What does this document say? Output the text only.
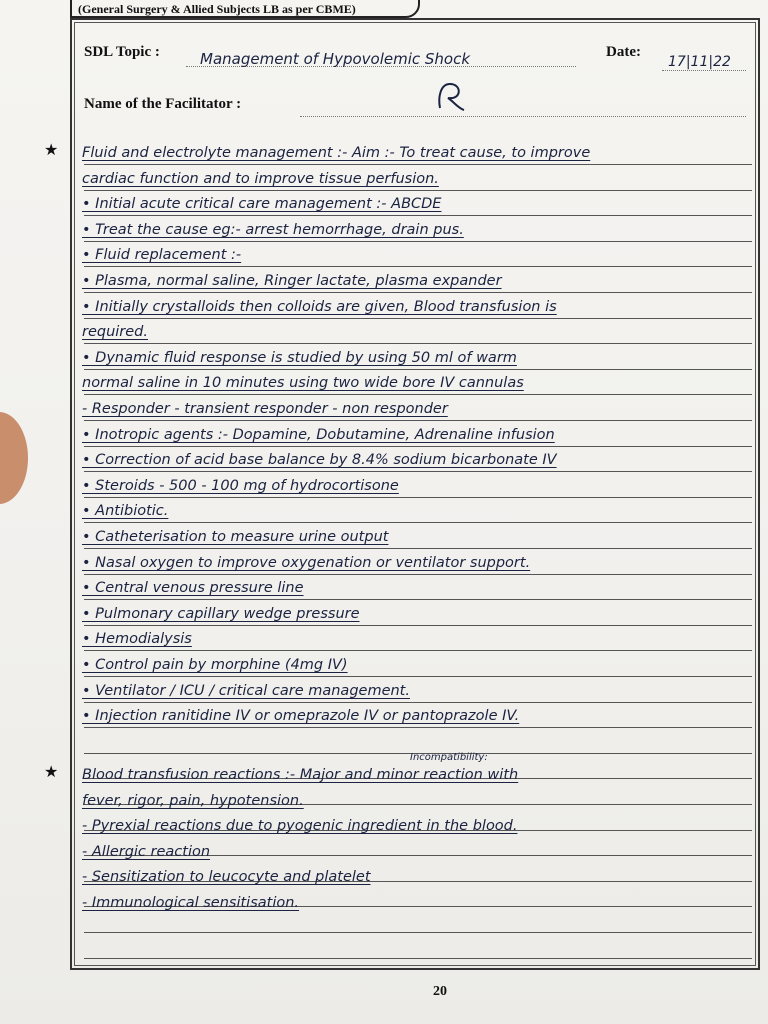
(General Surgery & Allied Subjects LB as per CBME)
SDL Topic :	Management of Hypovolemic Shock	Date:
17|11|22
Name of the Facilitator :
★ Fluid and electrolyte management :- Aim :- To treat cause, to improve
cardiac function and to improve tissue perfusion.
• Initial acute critical care management :- ABCDE
• Treat the cause eg:- arrest hemorrhage, drain pus.
• Fluid replacement :-
• Plasma, normal saline, Ringer lactate, plasma expander
• Initially crystalloids then colloids are given, Blood transfusion is
required.
• Dynamic fluid response is studied by using 50 ml of warm
normal saline in 10 minutes using two wide bore IV cannulas
- Responder - transient responder - non responder
• Inotropic agents :- Dopamine, Dobutamine, Adrenaline infusion
• Correction of acid base balance by 8.4% sodium bicarbonate IV
• Steroids - 500 - 100 mg of hydrocortisone
• Antibiotic.
• Catheterisation to measure urine output
• Nasal oxygen to improve oxygenation or ventilator support.
• Central venous pressure line
• Pulmonary capillary wedge pressure
• Hemodialysis
• Control pain by morphine (4mg IV)
• Ventilator / ICU / critical care management.
• Injection ranitidine IV or omeprazole IV or pantoprazole IV.
Incompatibility:
★ Blood transfusion reactions :- Major and minor reaction with
fever, rigor, pain, hypotension.
- Pyrexial reactions due to pyogenic ingredient in the blood.
- Allergic reaction
- Sensitization to leucocyte and platelet
- Immunological sensitisation.
20
